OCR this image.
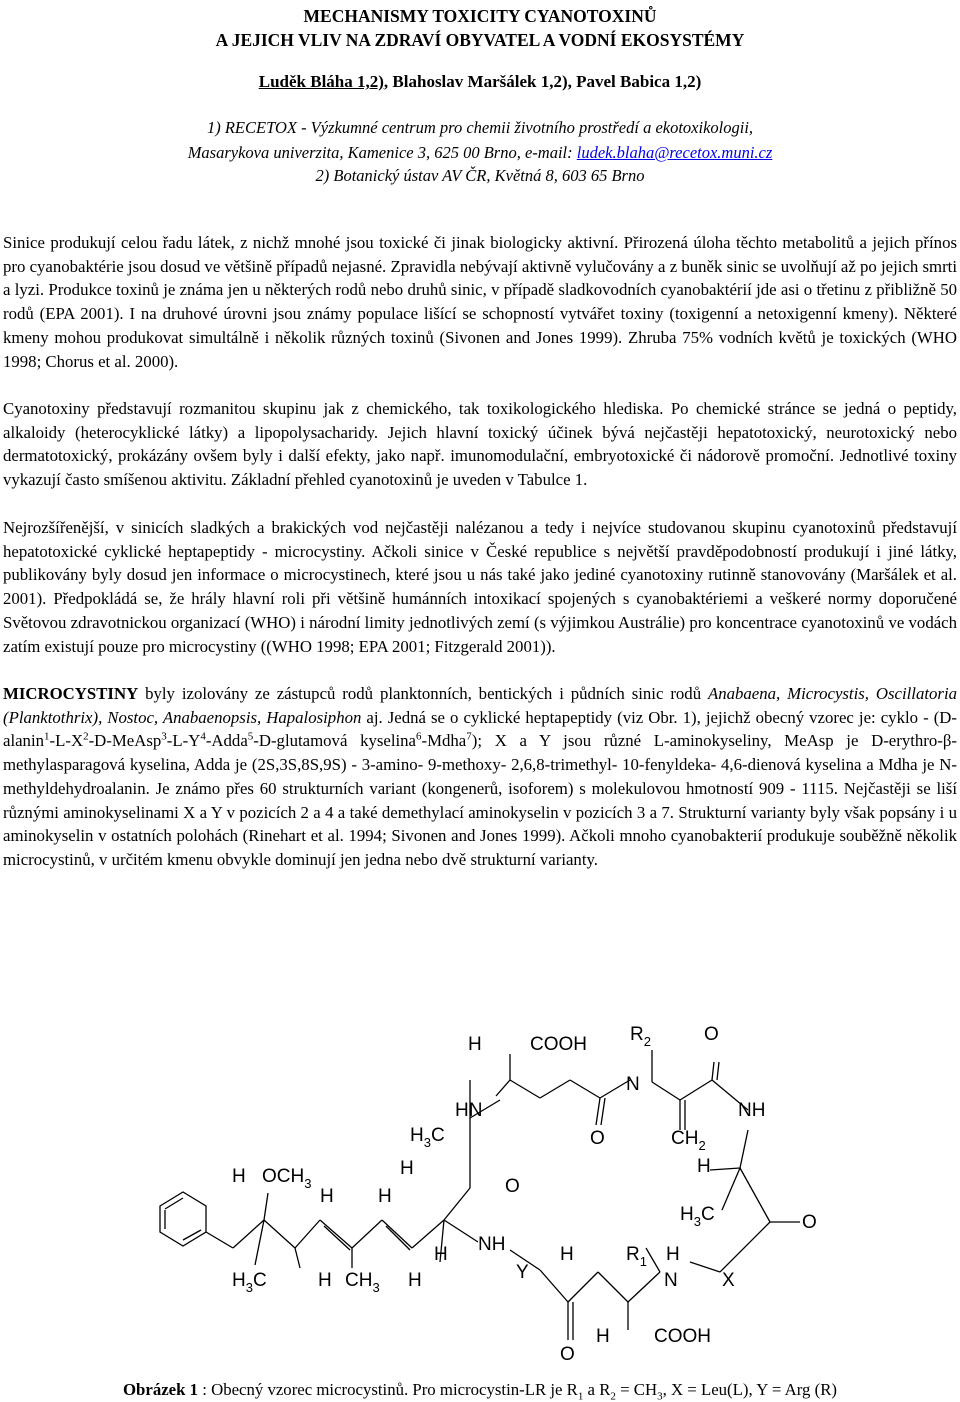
MECHANISMY TOXICITY CYANOTOXINŮ
A JEJICH VLIV NA ZDRAVÍ OBYVATEL A VODNÍ EKOSYSTÉMY
Luděk Bláha 1,2), Blahoslav Maršálek 1,2), Pavel Babica 1,2)
1) RECETOX - Výzkumné centrum pro chemii životního prostředí a ekotoxikologii,
Masarykova univerzita, Kamenice 3, 625 00 Brno, e-mail: ludek.blaha@recetox.muni.cz
2) Botanický ústav AV ČR, Květná 8, 603 65 Brno

Sinice produkují celou řadu látek, z nichž mnohé jsou toxické či jinak biologicky aktivní. Přirozená úloha těchto metabolitů a jejich přínos pro cyanobaktérie jsou dosud ve většině případů nejasné. Zpravidla nebývají aktivně vylučovány a z buněk sinic se uvolňují až po jejich smrti a lyzi. Produkce toxinů je známa jen u některých rodů nebo druhů sinic, v případě sladkovodních cyanobaktérií jde asi o třetinu z přibližně 50 rodů (EPA 2001). I na druhové úrovni jsou známy populace lišící se schopností vytvářet toxiny (toxigenní a netoxigenní kmeny). Některé kmeny mohou produkovat simultálně i několik různých toxinů (Sivonen and Jones 1999). Zhruba 75% vodních květů je toxických (WHO 1998; Chorus et al. 2000).

Cyanotoxiny představují rozmanitou skupinu jak z chemického, tak toxikologického hlediska. Po chemické stránce se jedná o peptidy, alkaloidy (heterocyklické látky) a lipopolysacharidy. Jejich hlavní toxický účinek bývá nejčastěji hepatotoxický, neurotoxický nebo dermatotoxický, prokázány ovšem byly i další efekty, jako např. imunomodulační, embryotoxické či nádorově promoční. Jednotlivé toxiny vykazují často smíšenou aktivitu. Základní přehled cyanotoxinů je uveden v Tabulce 1.

Nejrozšířenější, v sinicích sladkých a brakických vod nejčastěji nalézanou a tedy i nejvíce studovanou skupinu cyanotoxinů představují hepatotoxické cyklické heptapeptidy - microcystiny. Ačkoli sinice v České republice s největší pravděpodobností produkují i jiné látky, publikovány byly dosud jen informace o microcystinech, které jsou u nás také jako jediné cyanotoxiny rutinně stanovovány (Maršálek et al. 2001). Předpokládá se, že hrály hlavní roli při většině humánních intoxikací spojených s cyanobaktériemi a veškeré normy doporučené Světovou zdravotnickou organizací (WHO) i národní limity jednotlivých zemí (s výjimkou Austrálie) pro koncentrace cyanotoxinů ve vodách zatím existují pouze pro microcystiny ((WHO 1998; EPA 2001; Fitzgerald 2001)).

MICROCYSTINY byly izolovány ze zástupců rodů planktonních, bentických i půdních sinic rodů Anabaena, Microcystis, Oscillatoria (Planktothrix), Nostoc, Anabaenopsis, Hapalosiphon aj. Jedná se o cyklické heptapeptidy (viz Obr. 1), jejichž obecný vzorec je: cyklo - ($D-alanin^1-L-X^2-D-MeAsp^3-L-Y^4-Adda^5-D$-glutamová kyselina$^6$-Mdha$^7$); X a Y jsou různé L-aminokyseliny, MeAsp je D-erythro-β-methylasparagová kyselina, Adda je (2S,3S,8S,9S) - 3-amino- 9-methoxy- 2,6,8-trimethyl- 10-fenyldeka- 4,6-dienová kyselina a Mdha je N-methyldehydroalanin. Je známo přes 60 strukturních variant (kongenerů, isoforem) s molekulovou hmotností 909 - 1115. Nejčastěji se liší různými aminokyselinami X a Y v pozicích 2 a 4 a také demethylací aminokyselin v pozicích 3 a 7. Strukturní varianty byly však popsány i u aminokyselin v ostatních polohách (Rinehart et al. 1994; Sivonen and Jones 1999). Ačkoli mnoho cyanobakterií produkuje souběžně několik microcystinů, v určitém kmenu obvykle dominují jen jedna nebo dvě strukturní varianty.

H	COOH $R_2$	O
N
HN	NH
$H_3C$	O	$CH_2$
H $OCH_3$
H	H
H H	O
$H_3C$	O
NH
H
$H_3C$	H $CH_3$ H	Y
H	$R_1$ H
N X
O
H COOH
Obrázek 1 : Obecný vzorec microcystinů. Pro microcystin-LR je $R_1$ a $R_2 = CH_3$, X = Leu(L), Y = Arg (R)
